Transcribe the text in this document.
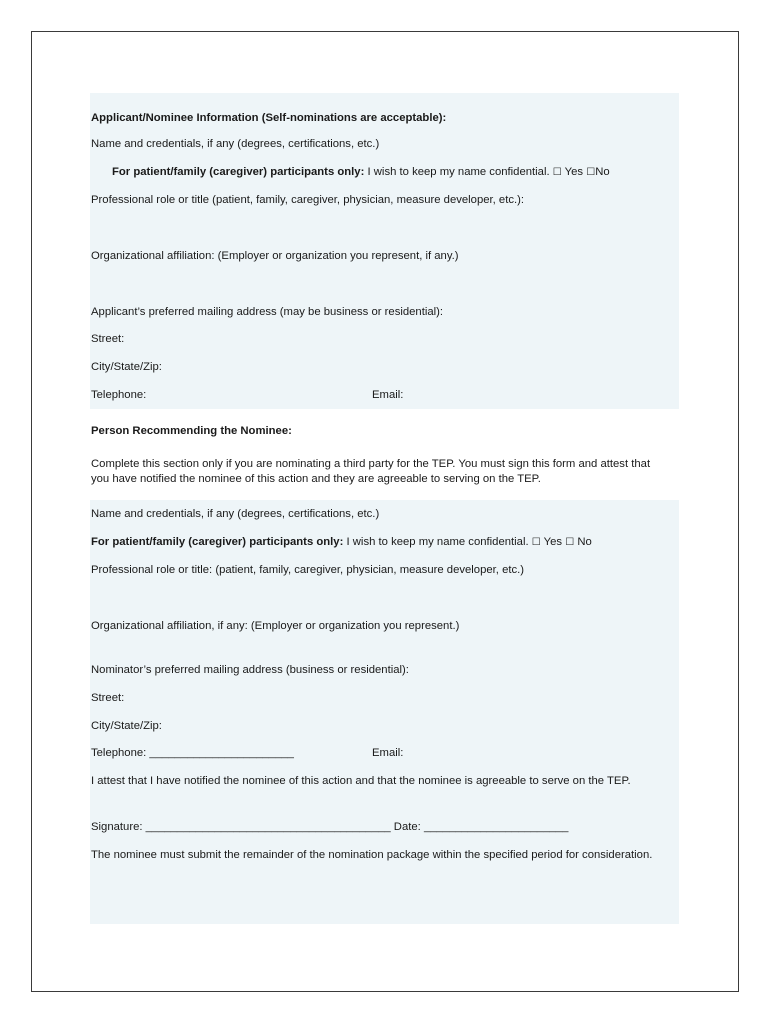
Applicant/Nominee Information (Self-nominations are acceptable):
Name and credentials, if any (degrees, certifications, etc.)
For patient/family (caregiver) participants only: I wish to keep my name confidential. ☐ Yes ☐No
Professional role or title (patient, family, caregiver, physician, measure developer, etc.):
Organizational affiliation: (Employer or organization you represent, if any.)
Applicant’s preferred mailing address (may be business or residential):
Street:
City/State/Zip:
Telephone:	Email:
Person Recommending the Nominee:
Complete this section only if you are nominating a third party for the TEP. You must sign this form and attest that you have notified the nominee of this action and they are agreeable to serving on the TEP.
Name and credentials, if any (degrees, certifications, etc.)
For patient/family (caregiver) participants only: I wish to keep my name confidential. ☐ Yes ☐ No
Professional role or title: (patient, family, caregiver, physician, measure developer, etc.)
Organizational affiliation, if any: (Employer or organization you represent.)
Nominator’s preferred mailing address (business or residential):
Street:
City/State/Zip:
Telephone: _______________________	Email:
I attest that I have notified the nominee of this action and that the nominee is agreeable to serve on the TEP.
Signature: _______________________________________ Date: _______________________
The nominee must submit the remainder of the nomination package within the specified period for consideration.
